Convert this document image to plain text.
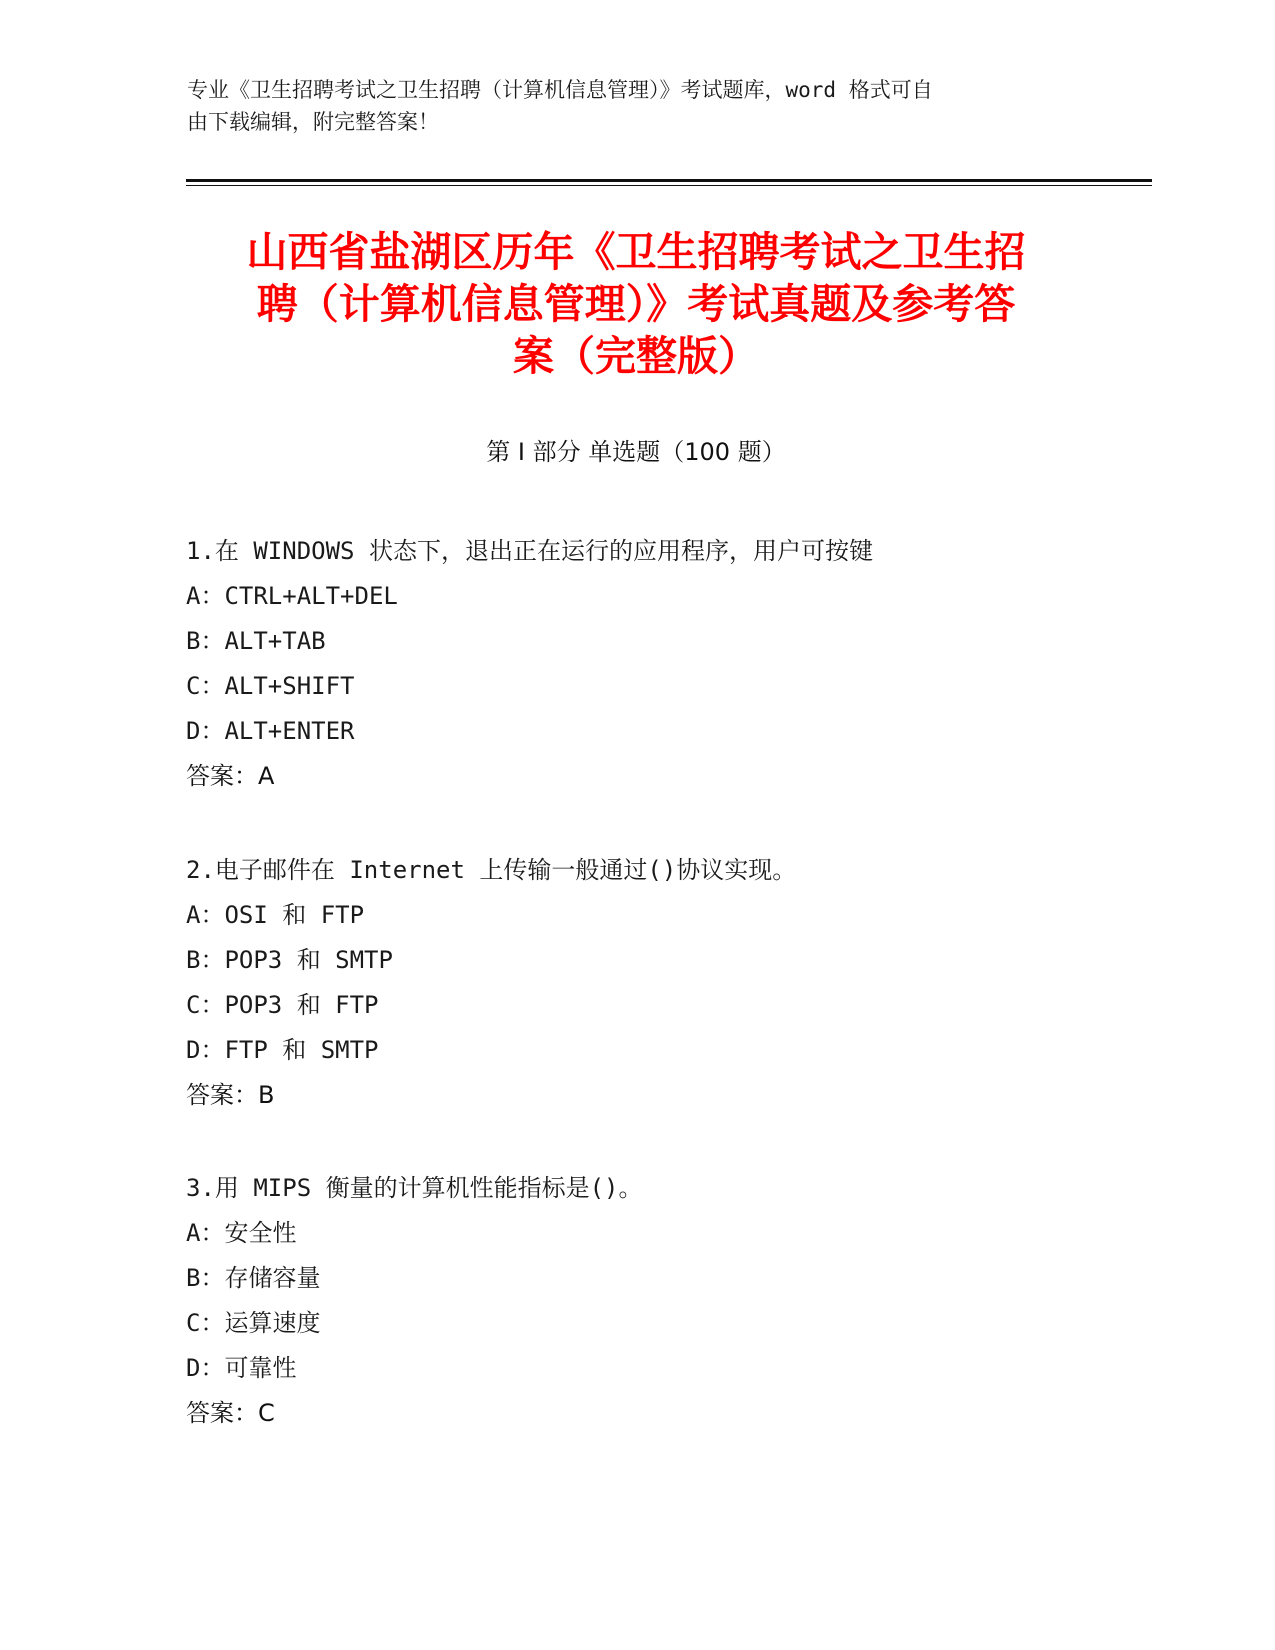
专业《卫生招聘考试之卫生招聘（计算机信息管理）》考试题库，word 格式可自
由下载编辑，附完整答案！
山西省盐湖区历年《卫生招聘考试之卫生招
聘（计算机信息管理）》考试真题及参考答
案（完整版）
第 I 部分 单选题（100 题）
1.在 WINDOWS 状态下，退出正在运行的应用程序，用户可按键
A：CTRL+ALT+DEL
B：ALT+TAB
C：ALT+SHIFT
D：ALT+ENTER
答案：A
2.电子邮件在 Internet 上传输一般通过()协议实现。
A：OSI 和 FTP
B：POP3 和 SMTP
C：POP3 和 FTP
D：FTP 和 SMTP
答案：B
3.用 MIPS 衡量的计算机性能指标是()。
A：安全性
B：存储容量
C：运算速度
D：可靠性
答案：C
